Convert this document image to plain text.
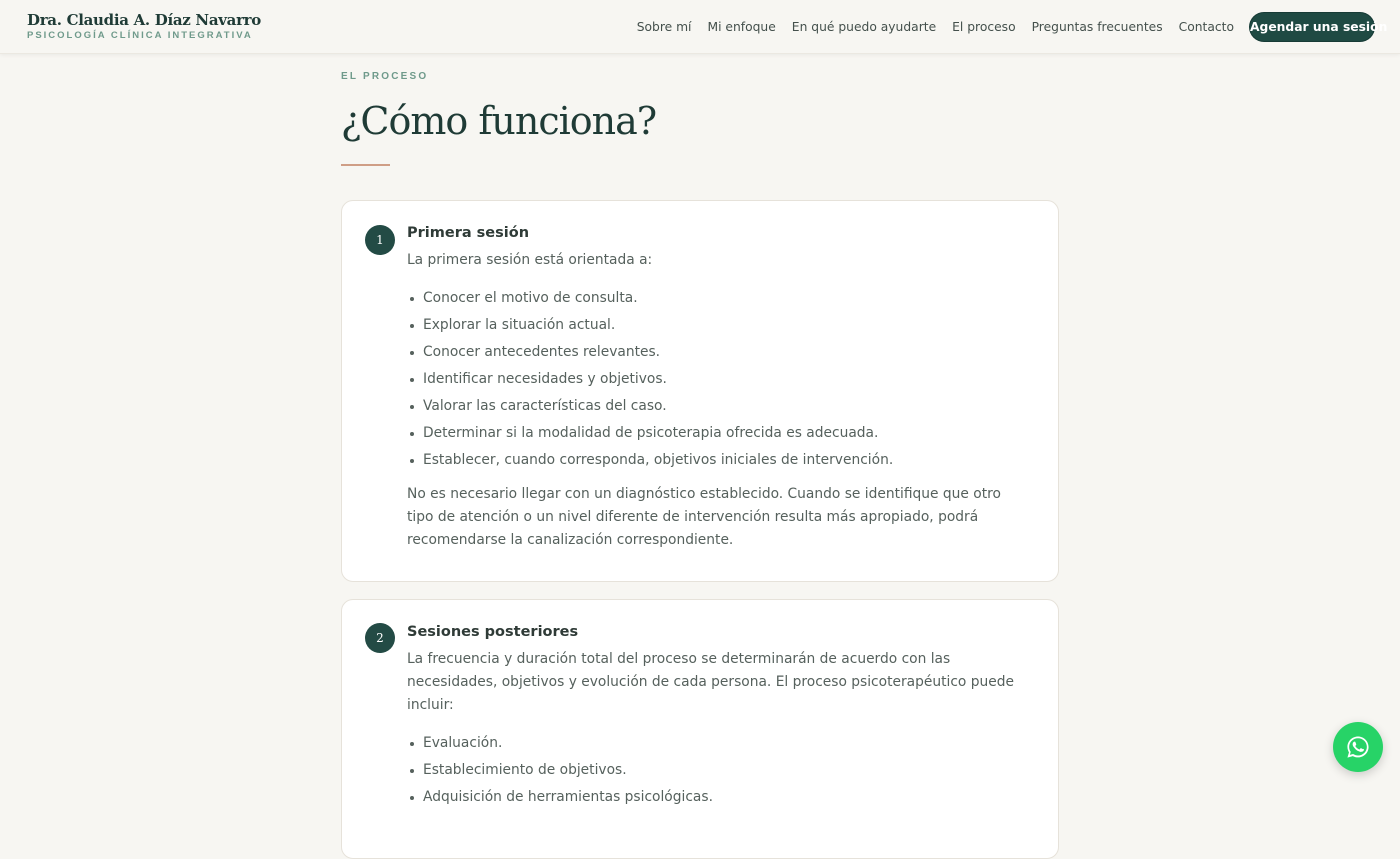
Dra. Claudia A. Díaz Navarro
PSICOLOGÍA CLÍNICA INTEGRATIVA
Sobre mí Mi enfoque En qué puedo ayudarte El proceso Preguntas frecuentes Contacto Agendar una sesión
EL PROCESO
¿Cómo funciona?
1	Primera sesión

La primera sesión está orientada a:

Conocer el motivo de consulta.
Explorar la situación actual.
Conocer antecedentes relevantes.
Identificar necesidades y objetivos.
Valorar las características del caso.
Determinar si la modalidad de psicoterapia ofrecida es adecuada.
Establecer, cuando corresponda, objetivos iniciales de intervención.

No es necesario llegar con un diagnóstico establecido. Cuando se identifique que otro tipo de atención o un nivel diferente de intervención resulta más apropiado, podrá recomendarse la canalización correspondiente.

2	Sesiones posteriores

La frecuencia y duración total del proceso se determinarán de acuerdo con las necesidades, objetivos y evolución de cada persona. El proceso psicoterapéutico puede incluir:

Evaluación.
Establecimiento de objetivos.
Adquisición de herramientas psicológicas.
